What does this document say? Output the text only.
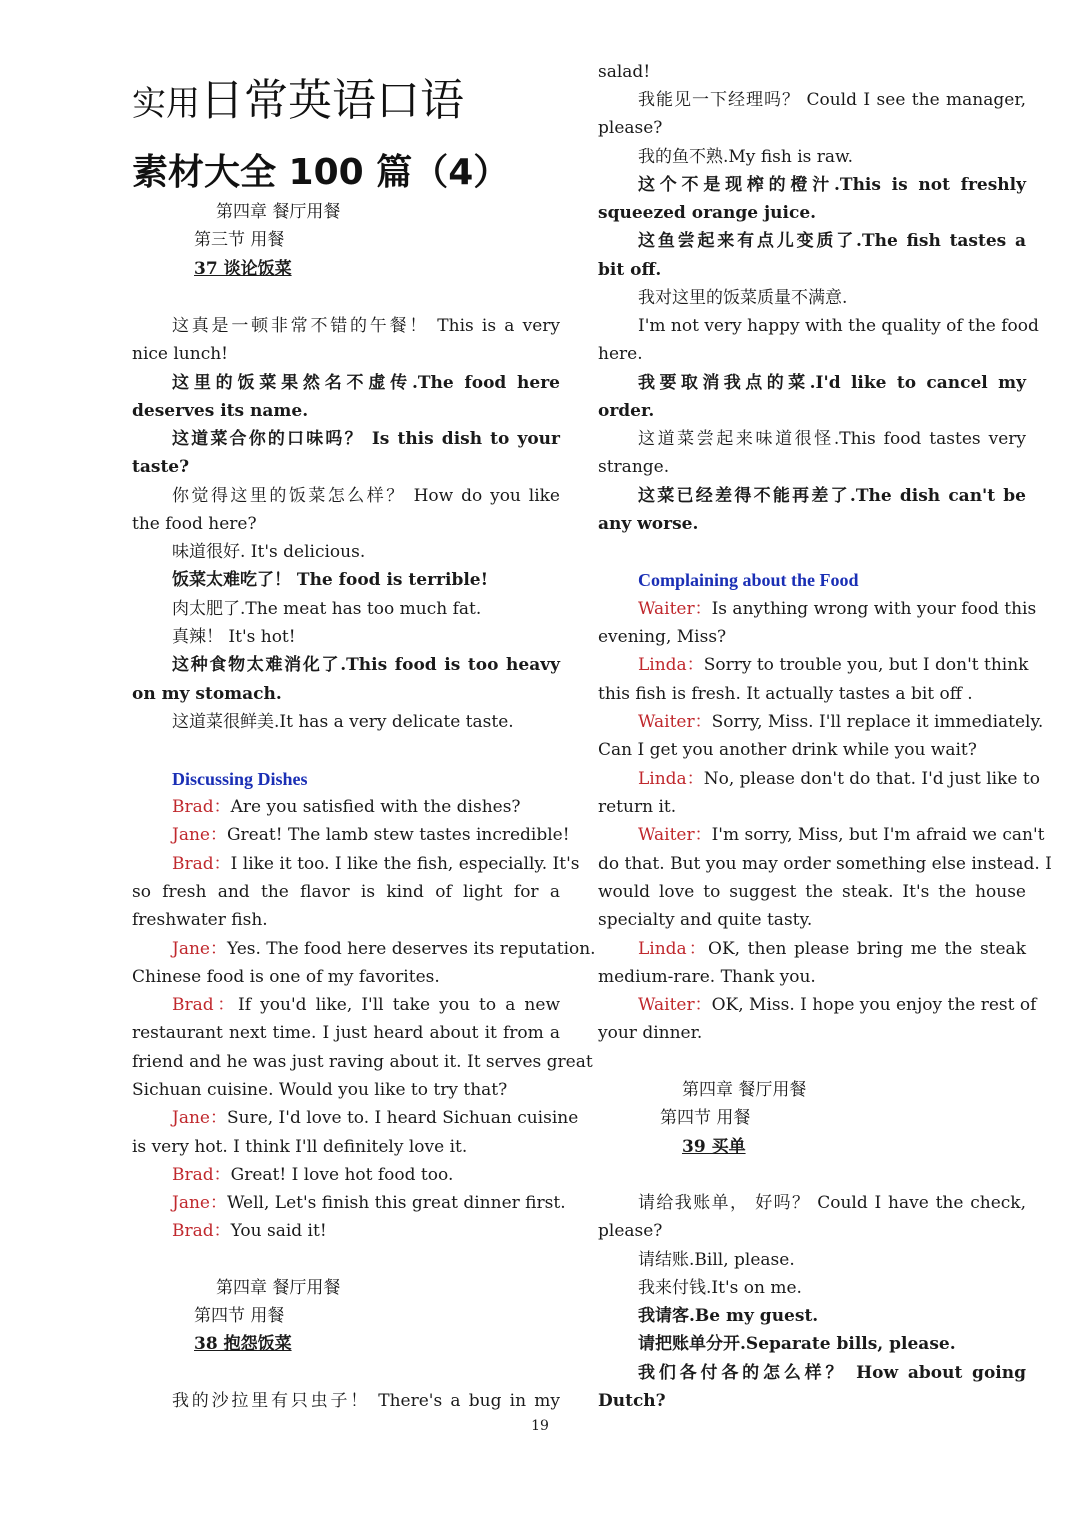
实用日常英语口语
素材大全 100 篇（4）
第四章 餐厅用餐
第三节 用餐
37 谈论饭菜
这真是一顿非常不错的午餐！ This is a very
nice lunch!
这里的饭菜果然名不虚传.The food here
deserves its name.
这道菜合你的口味吗？ Is this dish to your
taste?
你觉得这里的饭菜怎么样？ How do you like
the food here?
味道很好. It's delicious.
饭菜太难吃了！ The food is terrible!
肉太肥了.The meat has too much fat.
真辣！ It's hot!
这种食物太难消化了.This food is too heavy
on my stomach.
这道菜很鲜美.It has a very delicate taste.
Discussing Dishes
Brad：Are you satisfied with the dishes?
Jane：Great! The lamb stew tastes incredible!
Brad：I like it too. I like the fish, especially. It's
so fresh and the flavor is kind of light for a
freshwater fish.
Jane：Yes. The food here deserves its reputation.
Chinese food is one of my favorites.
Brad：If you'd like, I'll take you to a new
restaurant next time. I just heard about it from a
friend and he was just raving about it. It serves great
Sichuan cuisine. Would you like to try that?
Jane：Sure, I'd love to. I heard Sichuan cuisine
is very hot. I think I'll definitely love it.
Brad：Great! I love hot food too.
Jane：Well, Let's finish this great dinner first.
Brad：You said it!
第四章 餐厅用餐
第四节 用餐
38 抱怨饭菜
我的沙拉里有只虫子！ There's a bug in my
salad!
我能见一下经理吗？ Could I see the manager,
please?
我的鱼不熟.My fish is raw.
这个不是现榨的橙汁.This is not freshly
squeezed orange juice.
这鱼尝起来有点儿变质了.The fish tastes a
bit off.
我对这里的饭菜质量不满意.
I'm not very happy with the quality of the food
here.
我要取消我点的菜.I'd like to cancel my
order.
这道菜尝起来味道很怪.This food tastes very
strange.
这菜已经差得不能再差了.The dish can't be
any worse.
Complaining about the Food
Waiter：Is anything wrong with your food this
evening, Miss?
Linda：Sorry to trouble you, but I don't think
this fish is fresh. It actually tastes a bit off .
Waiter：Sorry, Miss. I'll replace it immediately.
Can I get you another drink while you wait?
Linda：No, please don't do that. I'd just like to
return it.
Waiter：I'm sorry, Miss, but I'm afraid we can't
do that. But you may order something else instead. I
would love to suggest the steak. It's the house
specialty and quite tasty.
Linda：OK, then please bring me the steak
medium-rare. Thank you.
Waiter：OK, Miss. I hope you enjoy the rest of
your dinner.
第四章 餐厅用餐
第四节 用餐
39 买单
请给我账单， 好吗？ Could I have the check,
please?
请结账.Bill, please.
我来付钱.It's on me.
我请客.Be my guest.
请把账单分开.Separate bills, please.
我们各付各的怎么样？ How about going
Dutch?
19
